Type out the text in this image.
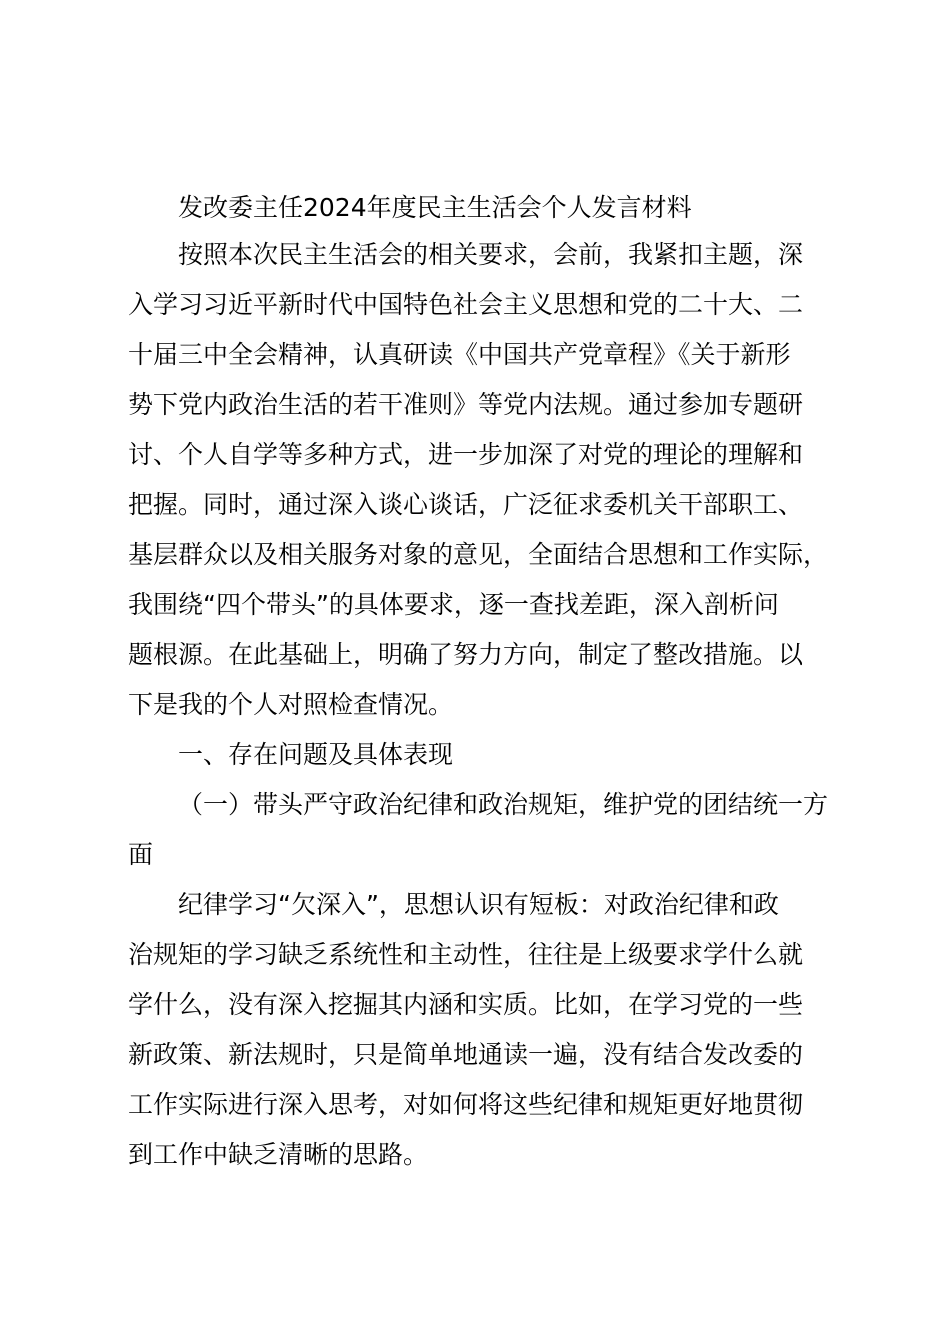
发改委主任2024年度民主生活会个人发言材料
按照本次民主生活会的相关要求，会前，我紧扣主题，深
入学习习近平新时代中国特色社会主义思想和党的二十大、二
十届三中全会精神，认真研读《中国共产党章程》《关于新形
势下党内政治生活的若干准则》等党内法规。通过参加专题研
讨、个人自学等多种方式，进一步加深了对党的理论的理解和
把握。同时，通过深入谈心谈话，广泛征求委机关干部职工、
基层群众以及相关服务对象的意见，全面结合思想和工作实际，
我围绕“四个带头”的具体要求，逐一查找差距，深入剖析问
题根源。在此基础上，明确了努力方向，制定了整改措施。以
下是我的个人对照检查情况。
一、存在问题及具体表现
（一）带头严守政治纪律和政治规矩，维护党的团结统一方
面
纪律学习“欠深入”，思想认识有短板：对政治纪律和政
治规矩的学习缺乏系统性和主动性，往往是上级要求学什么就
学什么，没有深入挖掘其内涵和实质。比如，在学习党的一些
新政策、新法规时，只是简单地通读一遍，没有结合发改委的
工作实际进行深入思考，对如何将这些纪律和规矩更好地贯彻
到工作中缺乏清晰的思路。
